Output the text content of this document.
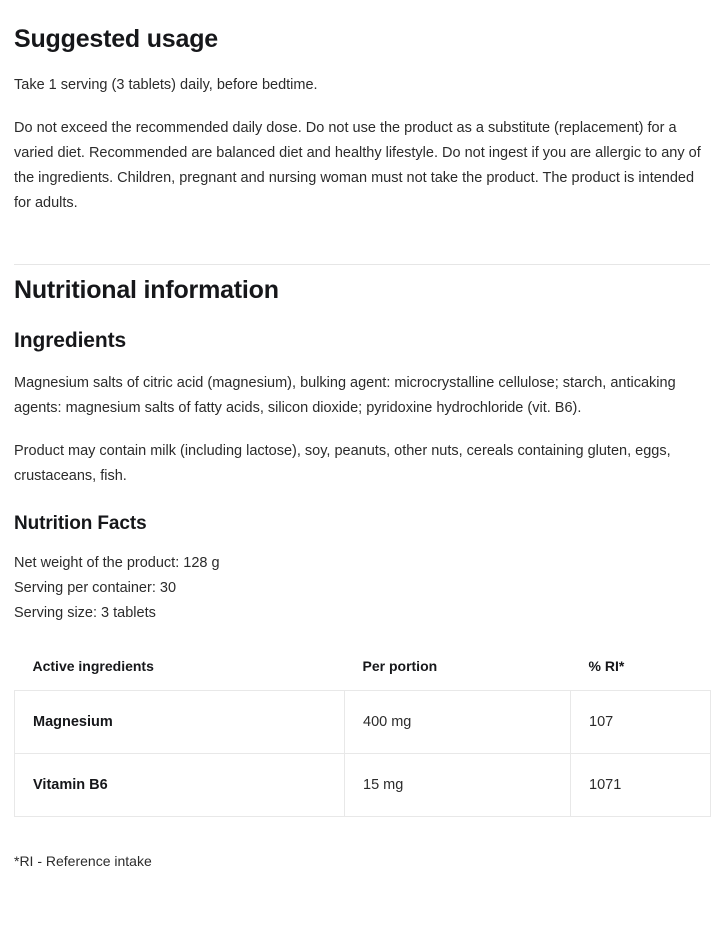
Suggested usage

Take 1 serving (3 tablets) daily, before bedtime.

Do not exceed the recommended daily dose. Do not use the product as a substitute (replacement) for a varied diet. Recommended are balanced diet and healthy lifestyle. Do not ingest if you are allergic to any of the ingredients. Children, pregnant and nursing woman must not take the product. The product is intended for adults.

Nutritional information
Ingredients

Magnesium salts of citric acid (magnesium), bulking agent: microcrystalline cellulose; starch, anticaking agents: magnesium salts of fatty acids, silicon dioxide; pyridoxine hydrochloride (vit. B6).

Product may contain milk (including lactose), soy, peanuts, other nuts, cereals containing gluten, eggs, crustaceans, fish.

Nutrition Facts
Net weight of the product: 128 g
Serving per container: 30
Serving size: 3 tablets
Active ingredients	Per portion	% RI*
Magnesium	400 mg	107
Vitamin B6	15 mg	1071
*RI - Reference intake
